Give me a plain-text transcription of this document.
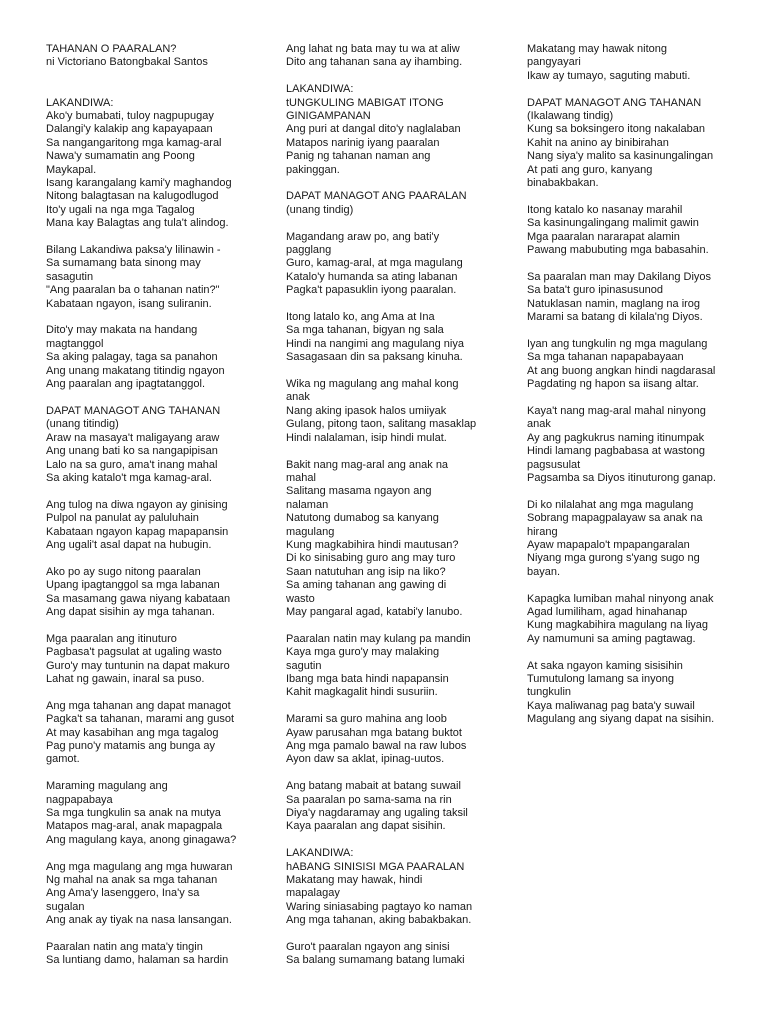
TAHANAN O PAARALAN?
ni Victoriano Batongbakal Santos
LAKANDIWA:
Ako'y bumabati, tuloy nagpupugay
Dalangi'y kalakip ang kapayapaan
Sa nangangaritong mga kamag-aral
Nawa'y sumamatin ang Poong
Maykapal.
Isang karangalang kami'y maghandog
Nitong balagtasan na kalugodlugod
Ito'y ugali na nga mga Tagalog
Mana kay Balagtas ang tula't alindog.
Bilang Lakandiwa paksa'y lilinawin -
Sa sumamang bata sinong may
sasagutin
"Ang paaralan ba o tahanan natin?"
Kabataan ngayon, isang suliranin.
Dito'y may makata na handang
magtanggol
Sa aking palagay, taga sa panahon
Ang unang makatang titindig ngayon
Ang paaralan ang ipagtatanggol.
DAPAT MANAGOT ANG TAHANAN
(unang titindig)
Araw na masaya't maligayang araw
Ang unang bati ko sa nangapipisan
Lalo na sa guro, ama't inang mahal
Sa aking katalo't mga kamag-aral.
Ang tulog na diwa ngayon ay ginising
Pulpol na panulat ay paluluhain
Kabataan ngayon kapag mapapansin
Ang ugali't asal dapat na hubugin.
Ako po ay sugo nitong paaralan
Upang ipagtanggol sa mga labanan
Sa masamang gawa niyang kabataan
Ang dapat sisihin ay mga tahanan.
Mga paaralan ang itinuturo
Pagbasa't pagsulat at ugaling wasto
Guro'y may tuntunin na dapat makuro
Lahat ng gawain, inaral sa puso.
Ang mga tahanan ang dapat managot
Pagka't sa tahanan, marami ang gusot
At may kasabihan ang mga tagalog
Pag puno'y matamis ang bunga ay
gamot.
Maraming magulang ang
nagpapabaya
Sa mga tungkulin sa anak na mutya
Matapos mag-aral, anak mapagpala
Ang magulang kaya, anong ginagawa?
Ang mga magulang ang mga huwaran
Ng mahal na anak sa mga tahanan
Ang Ama'y lasenggero, Ina'y sa
sugalan
Ang anak ay tiyak na nasa lansangan.
Paaralan natin ang mata'y tingin
Sa luntiang damo, halaman sa hardin
Ang lahat ng bata may tu wa at aliw
Dito ang tahanan sana ay ihambing.
LAKANDIWA:
tUNGKULING MABIGAT ITONG
GINIGAMPANAN
Ang puri at dangal dito'y naglalaban
Matapos narinig iyang paaralan
Panig ng tahanan naman ang
pakinggan.
DAPAT MANAGOT ANG PAARALAN
(unang tindig)
Magandang araw po, ang bati'y
pagglang
Guro, kamag-aral, at mga magulang
Katalo'y humanda sa ating labanan
Pagka't papasuklin iyong paaralan.
Itong latalo ko, ang Ama at Ina
Sa mga tahanan, bigyan ng sala
Hindi na nangimi ang magulang niya
Sasagasaan din sa paksang kinuha.
Wika ng magulang ang mahal kong
anak
Nang aking ipasok halos umiiyak
Gulang, pitong taon, salitang masaklap
Hindi nalalaman, isip hindi mulat.
Bakit nang mag-aral ang anak na
mahal
Salitang masama ngayon ang
nalaman
Natutong dumabog sa kanyang
magulang
Kung magkabihira hindi mautusan?
Di ko sinisabing guro ang may turo
Saan natutuhan ang isip na liko?
Sa aming tahanan ang gawing di
wasto
May pangaral agad, katabi'y lanubo.
Paaralan natin may kulang pa mandin
Kaya mga guro'y may malaking
sagutin
Ibang mga bata hindi napapansin
Kahit magkagalit hindi susuriin.
Marami sa guro mahina ang loob
Ayaw parusahan mga batang buktot
Ang mga pamalo bawal na raw lubos
Ayon daw sa aklat, ipinag-uutos.
Ang batang mabait at batang suwail
Sa paaralan po sama-sama na rin
Diya'y nagdaramay ang ugaling taksil
Kaya paaralan ang dapat sisihin.
LAKANDIWA:
hABANG SINISISI MGA PAARALAN
Makatang may hawak, hindi
mapalagay
Waring siniasabing pagtayo ko naman
Ang mga tahanan, aking babakbakan.
Guro't paaralan ngayon ang sinisi
Sa balang sumamang batang lumaki
Makatang may hawak nitong
pangyayari
Ikaw ay tumayo, saguting mabuti.
DAPAT MANAGOT ANG TAHANAN
(Ikalawang tindig)
Kung sa boksingero itong nakalaban
Kahit na anino ay binibirahan
Nang siya'y malito sa kasinungalingan
At pati ang guro, kanyang
binabakbakan.
Itong katalo ko nasanay marahil
Sa kasinungalingang malimit gawin
Mga paaralan nararapat alamin
Pawang mabubuting mga babasahin.
Sa paaralan man may Dakilang Diyos
Sa bata't guro ipinasusunod
Natuklasan namin, maglang na irog
Marami sa batang di kilala'ng Diyos.
Iyan ang tungkulin ng mga magulang
Sa mga tahanan napapabayaan
At ang buong angkan hindi nagdarasal
Pagdating ng hapon sa iisang altar.
Kaya't nang mag-aral mahal ninyong
anak
Ay ang pagkukrus naming itinumpak
Hindi lamang pagbabasa at wastong
pagsusulat
Pagsamba sa Diyos itinuturong ganap.
Di ko nilalahat ang mga magulang
Sobrang mapagpalayaw sa anak na
hirang
Ayaw mapapalo't mpapangaralan
Niyang mga gurong s'yang sugo ng
bayan.
Kapagka lumiban mahal ninyong anak
Agad lumiliham, agad hinahanap
Kung magkabihira magulang na liyag
Ay namumuni sa aming pagtawag.
At saka ngayon kaming sisisihin
Tumutulong lamang sa inyong
tungkulin
Kaya maliwanag pag bata'y suwail
Magulang ang siyang dapat na sisihin.
